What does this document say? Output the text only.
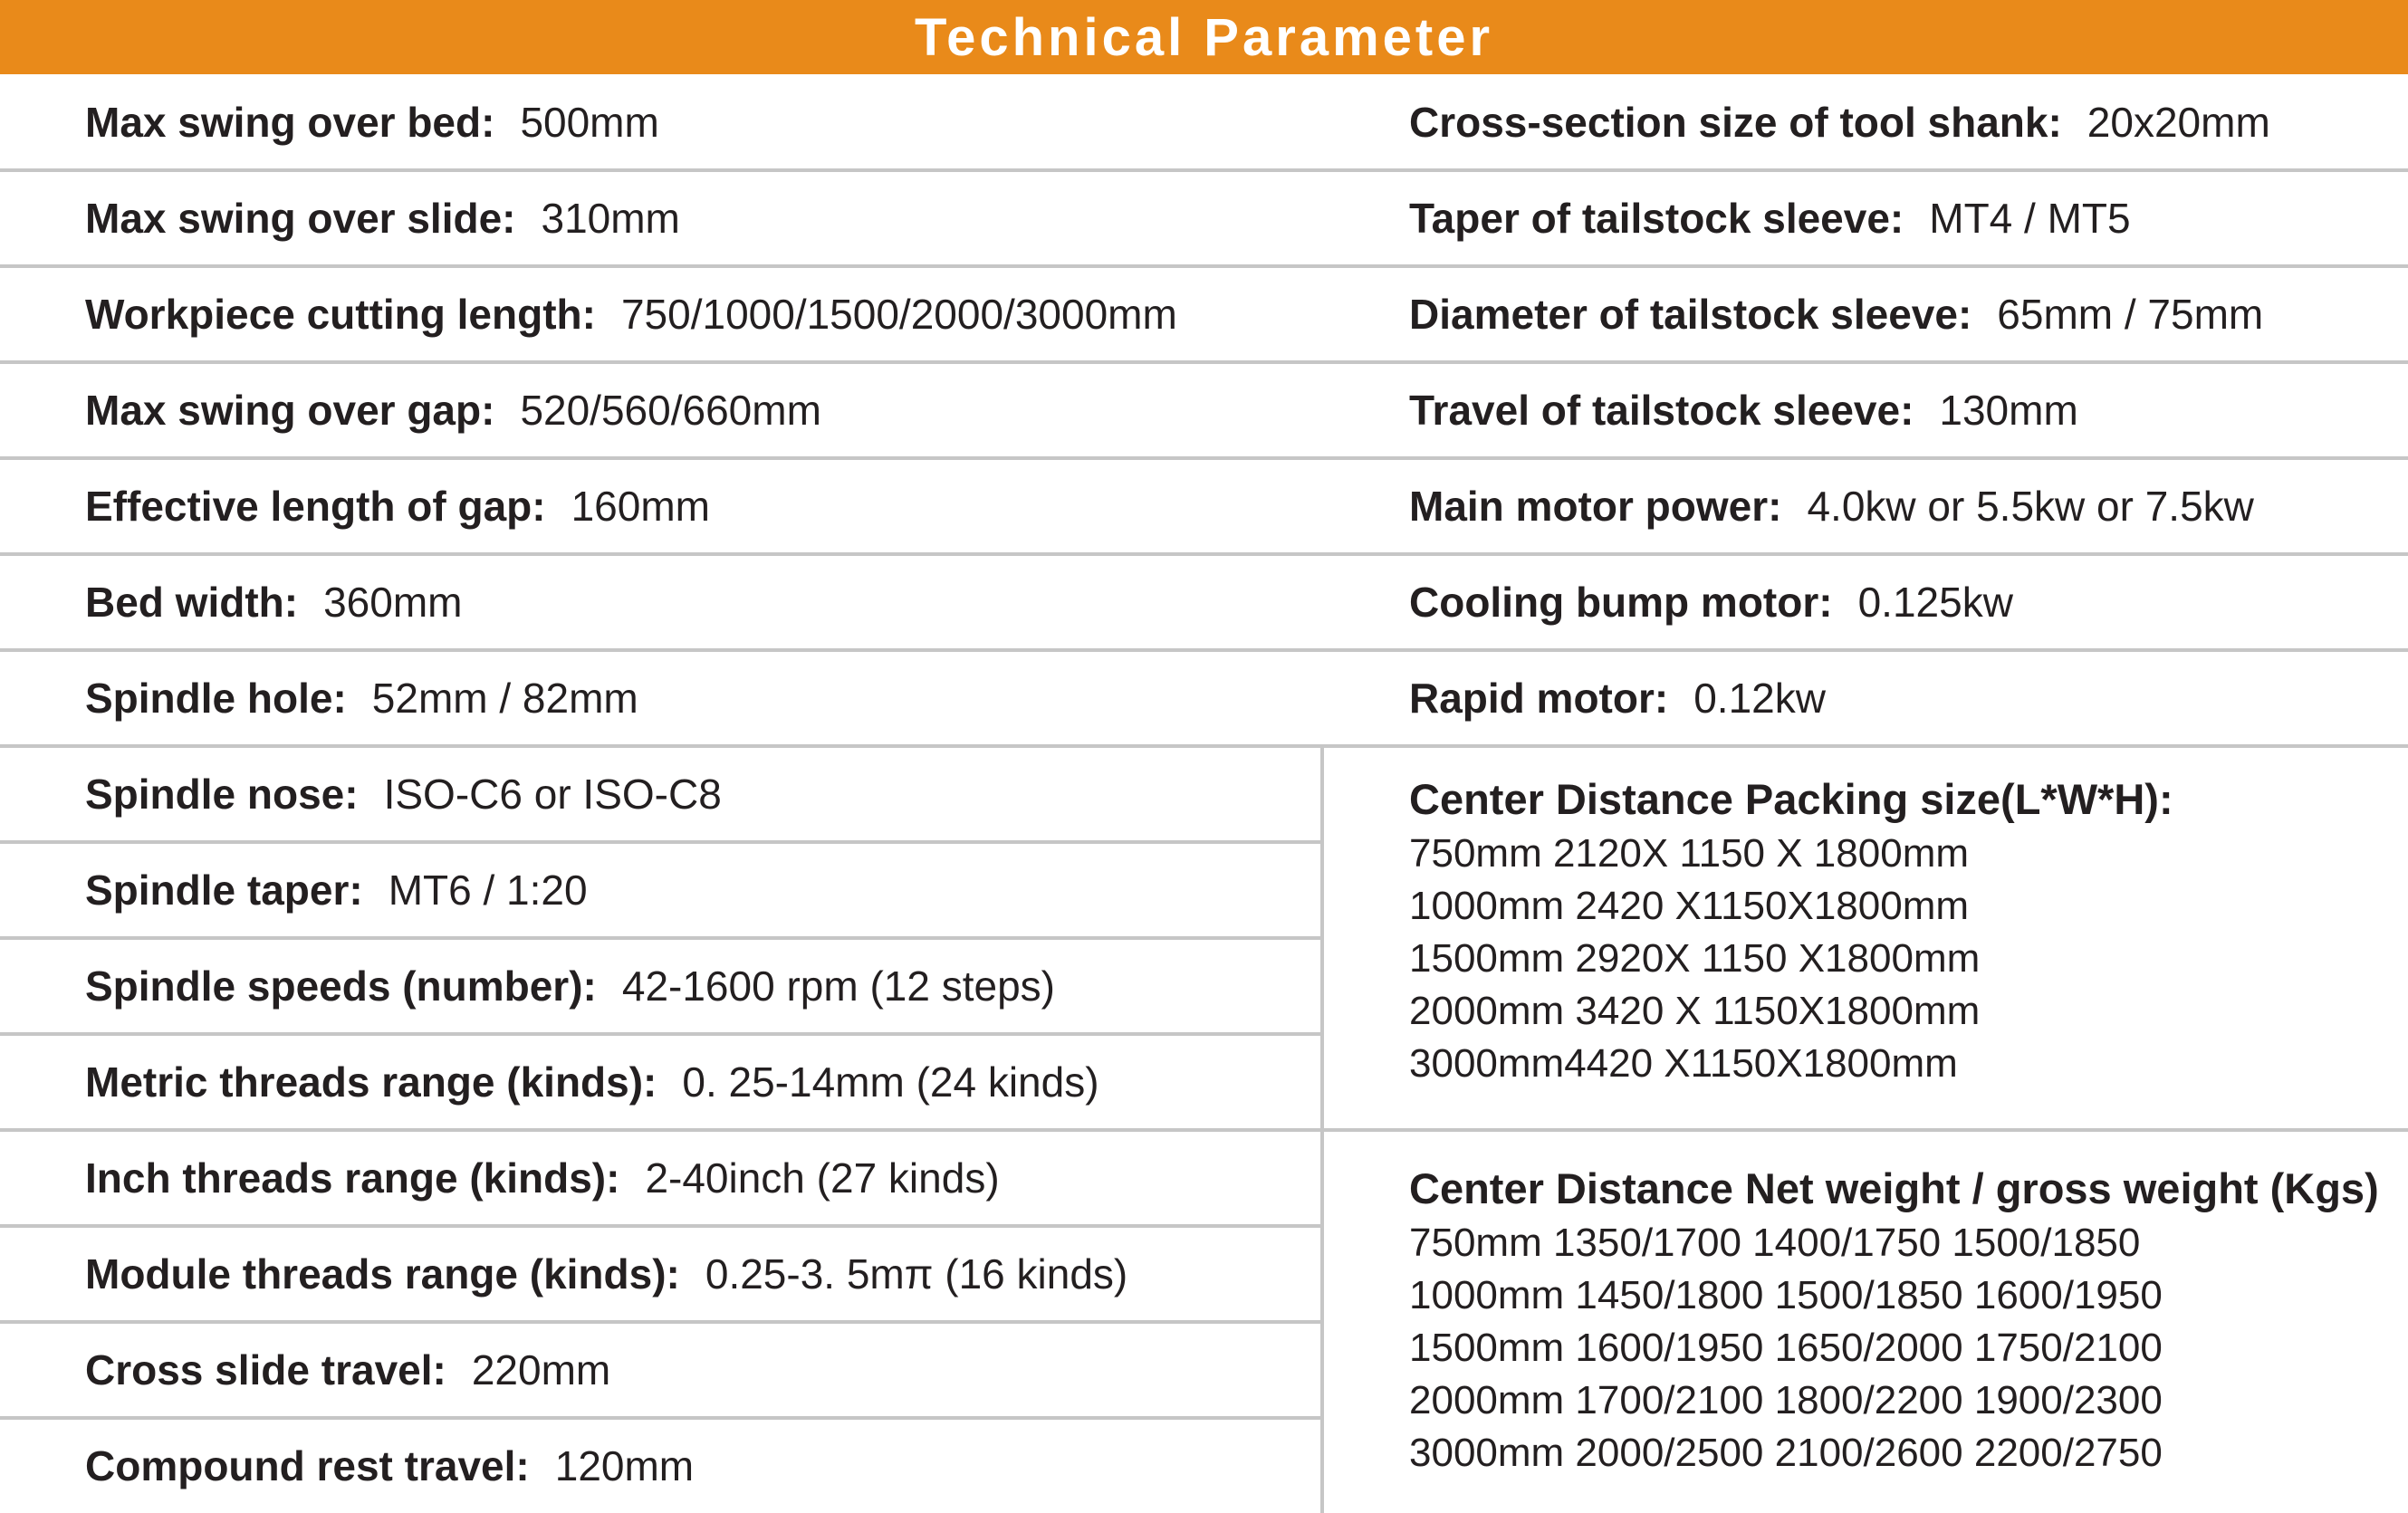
Technical Parameter
Max swing over bed: 500mm
Max swing over slide: 310mm
Workpiece cutting length: 750/1000/1500/2000/3000mm
Max swing over gap: 520/560/660mm
Effective length of gap: 160mm
Bed width: 360mm
Spindle hole: 52mm / 82mm
Spindle nose: ISO-C6 or ISO-C8
Spindle taper: MT6 / 1:20
Spindle speeds (number): 42-1600 rpm (12 steps)
Metric threads range (kinds): 0. 25-14mm (24 kinds)
Inch threads range (kinds): 2-40inch (27 kinds)
Module threads range (kinds): 0.25-3. 5mπ (16 kinds)
Cross slide travel: 220mm
Compound rest travel: 120mm
Cross-section size of tool shank: 20x20mm
Taper of tailstock sleeve: MT4 / MT5
Diameter of tailstock sleeve: 65mm / 75mm
Travel of tailstock sleeve: 130mm
Main motor power: 4.0kw or 5.5kw or 7.5kw
Cooling bump motor: 0.125kw
Rapid motor: 0.12kw
Center Distance Packing size(L*W*H):
750mm 2120X 1150 X 1800mm
1000mm 2420 X1150X1800mm
1500mm 2920X 1150 X1800mm
2000mm 3420 X 1150X1800mm
3000mm4420 X1150X1800mm
Center Distance Net weight / gross weight (Kgs)
750mm 1350/1700 1400/1750 1500/1850
1000mm 1450/1800 1500/1850 1600/1950
1500mm 1600/1950 1650/2000 1750/2100
2000mm 1700/2100 1800/2200 1900/2300
3000mm 2000/2500 2100/2600 2200/2750
